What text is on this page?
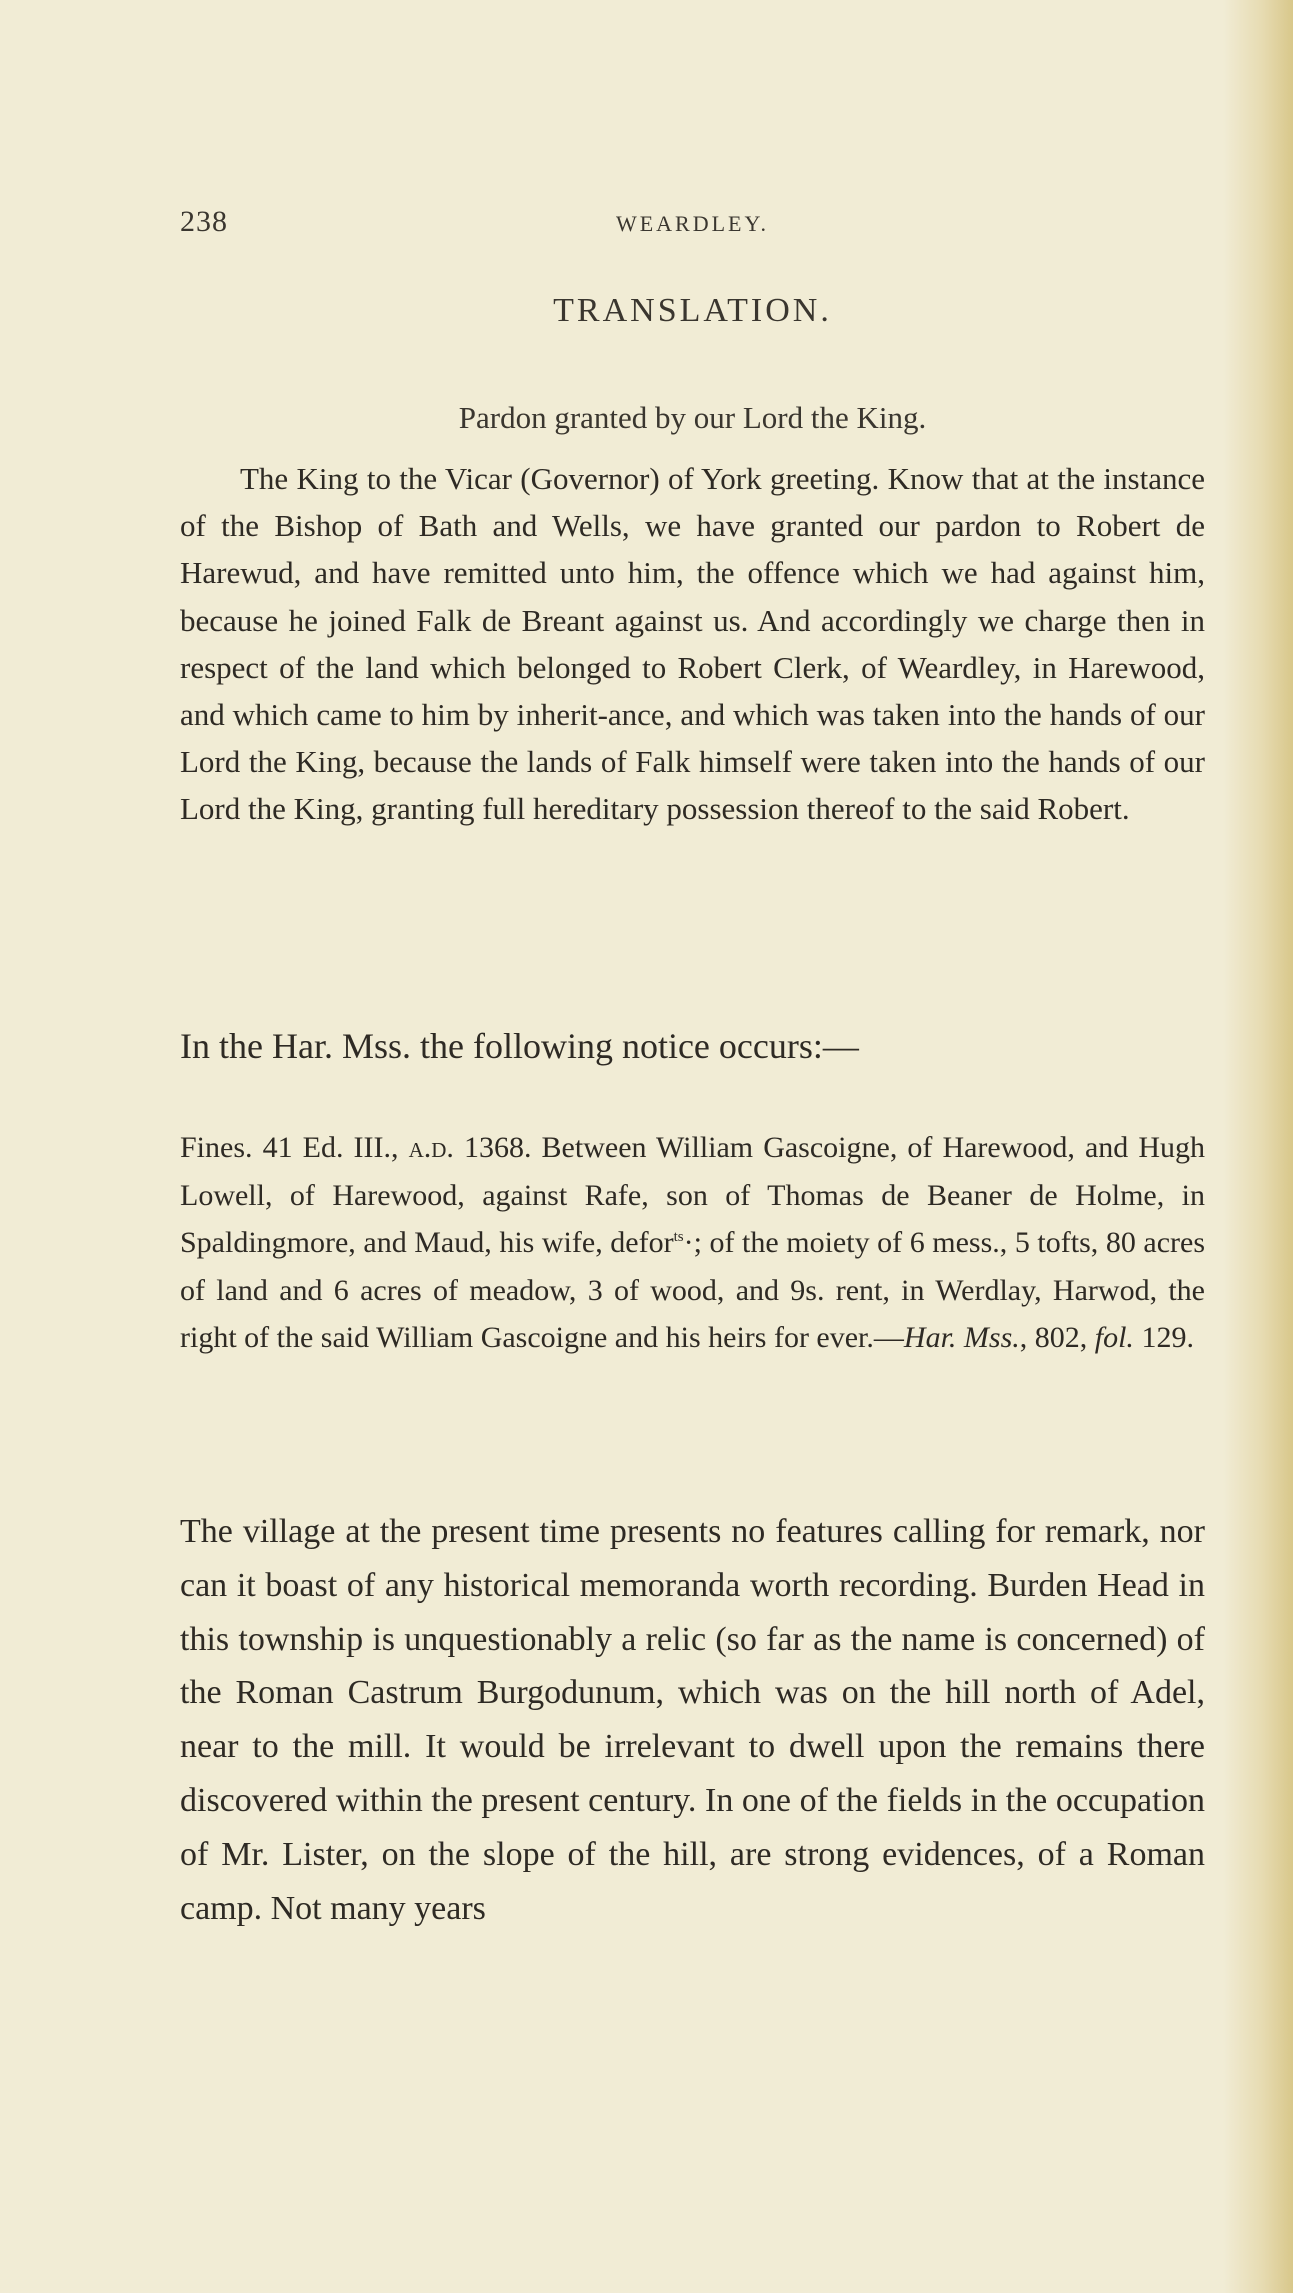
238	WEARDLEY.
TRANSLATION.
Pardon granted by our Lord the King.

The King to the Vicar (Governor) of York greeting. Know that at the instance of the Bishop of Bath and Wells, we have granted our pardon to Robert de Harewud, and have remitted unto him, the offence which we had against him, because he joined Falk de Breant against us. And accordingly we charge then in respect of the land which belonged to Robert Clerk, of Weardley, in Harewood, and which came to him by inherit-ance, and which was taken into the hands of our Lord the King, because the lands of Falk himself were taken into the hands of our Lord the King, granting full hereditary possession thereof to the said Robert.

In the Har. Mss. the following notice occurs:—

Fines. 41 Ed. III., a.d. 1368. Between William Gascoigne, of Harewood, and Hugh Lowell, of Harewood, against Rafe, son of Thomas de Beaner de Holme, in Spaldingmore, and Maud, his wife, defor$^{ts}$·; of the moiety of 6 mess., 5 tofts, 80 acres of land and 6 acres of meadow, 3 of wood, and 9s. rent, in Werdlay, Harwod, the right of the said William Gascoigne and his heirs for ever.—Har. Mss., 802, fol. 129.

The village at the present time presents no features calling for remark, nor can it boast of any historical memoranda worth recording. Burden Head in this township is unquestionably a relic (so far as the name is concerned) of the Roman Castrum Burgodunum, which was on the hill north of Adel, near to the mill. It would be irrelevant to dwell upon the remains there discovered within the present century. In one of the fields in the occupation of Mr. Lister, on the slope of the hill, are strong evidences, of a Roman camp. Not many years
